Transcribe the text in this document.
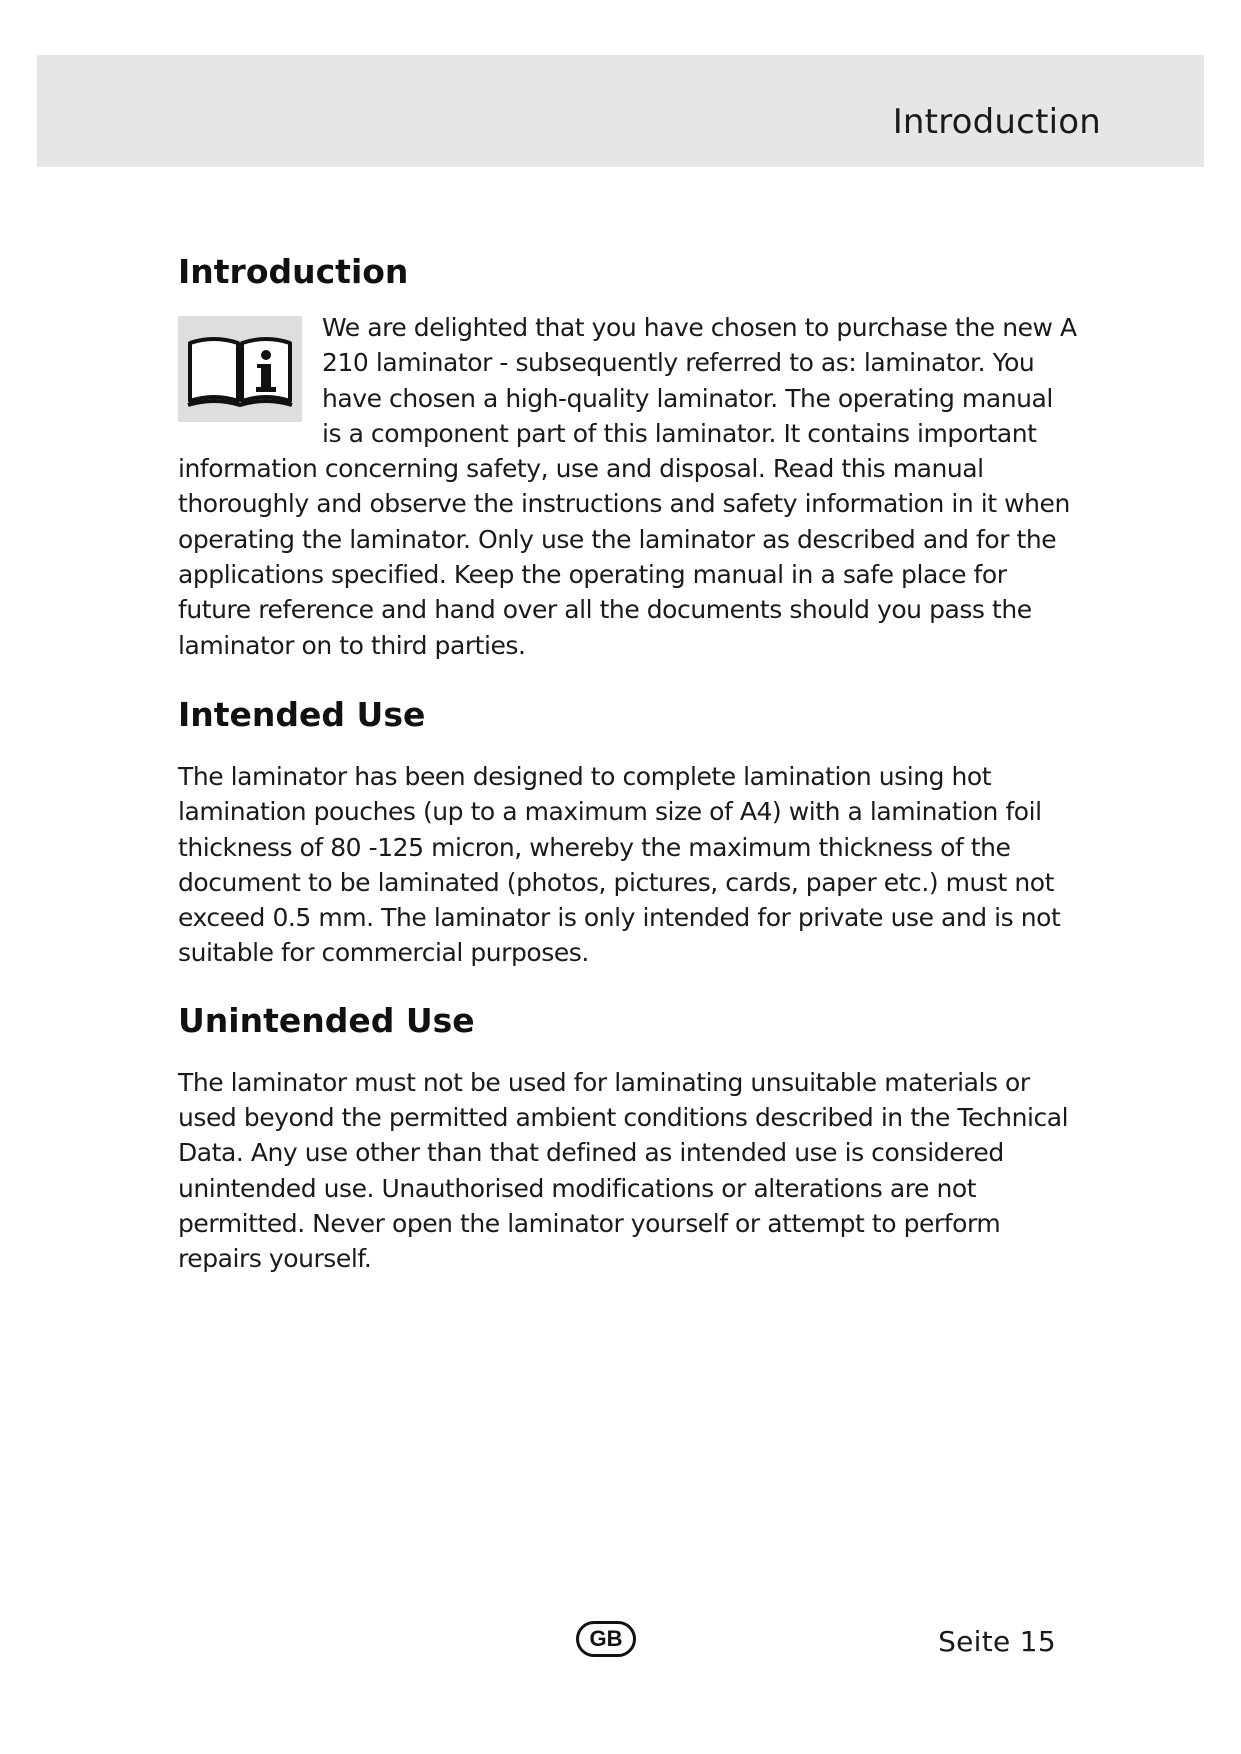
Introduction
Introduction

We are delighted that you have chosen to purchase the new A 210 laminator - subsequently referred to as: laminator. You have chosen a high-quality laminator. The operating manual is a component part of this laminator. It contains important information concerning safety, use and disposal. Read this manual thoroughly and observe the instructions and safety information in it when operating the laminator. Only use the laminator as described and for the applications specified. Keep the operating manual in a safe place for future reference and hand over all the documents should you pass the laminator on to third parties.

Intended Use

The laminator has been designed to complete lamination using hot lamination pouches (up to a maximum size of A4) with a lamination foil thickness of 80 -125 micron, whereby the maximum thickness of the document to be laminated (photos, pictures, cards, paper etc.) must not exceed 0.5 mm. The laminator is only intended for private use and is not suitable for commercial purposes.

Unintended Use

The laminator must not be used for laminating unsuitable materials or used beyond the permitted ambient conditions described in the Technical Data. Any use other than that defined as intended use is considered unintended use. Unauthorised modifications or alterations are not permitted. Never open the laminator yourself or attempt to perform repairs yourself.

GB	Seite 15
